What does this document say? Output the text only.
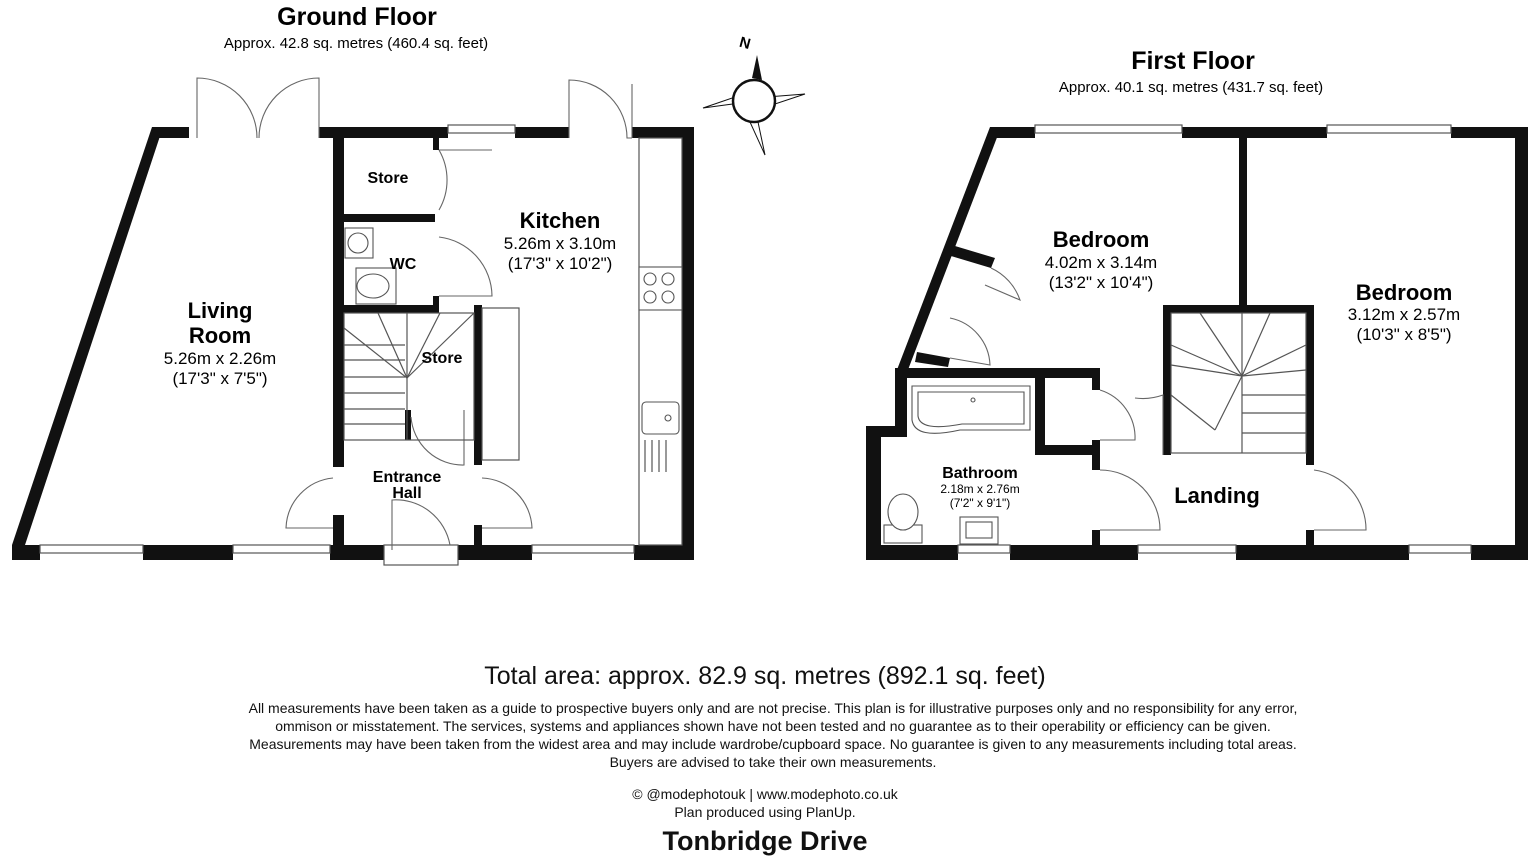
Ground Floor
Approx. 42.8 sq. metres (460.4 sq. feet)
Living
Room
5.26m x 2.26m
(17'3" x 7'5")
Kitchen
5.26m x 3.10m
(17'3" x 10'2")
Store
WC
Store
Entrance
Hall
N
First Floor
Approx. 40.1 sq. metres (431.7 sq. feet)
Bedroom
4.02m x 3.14m
(13'2" x 10'4")	Bedroom
3.12m x 2.57m
(10'3" x 8'5")
Bathroom
2.18m x 2.76m
(7'2" x 9'1")	Landing
Total area: approx. 82.9 sq. metres (892.1 sq. feet)
All measurements have been taken as a guide to prospective buyers only and are not precise. This plan is for illustrative purposes only and no responsibility for any error, ommison or misstatement. The services, systems and appliances shown have not been tested and no guarantee as to their operability or efficiency can be given. Measurements may have been taken from the widest area and may include wardrobe/cupboard space. No guarantee is given to any measurements including total areas. Buyers are advised to take their own measurements.
© @modephotouk | www.modephoto.co.uk
Plan produced using PlanUp.
Tonbridge Drive
